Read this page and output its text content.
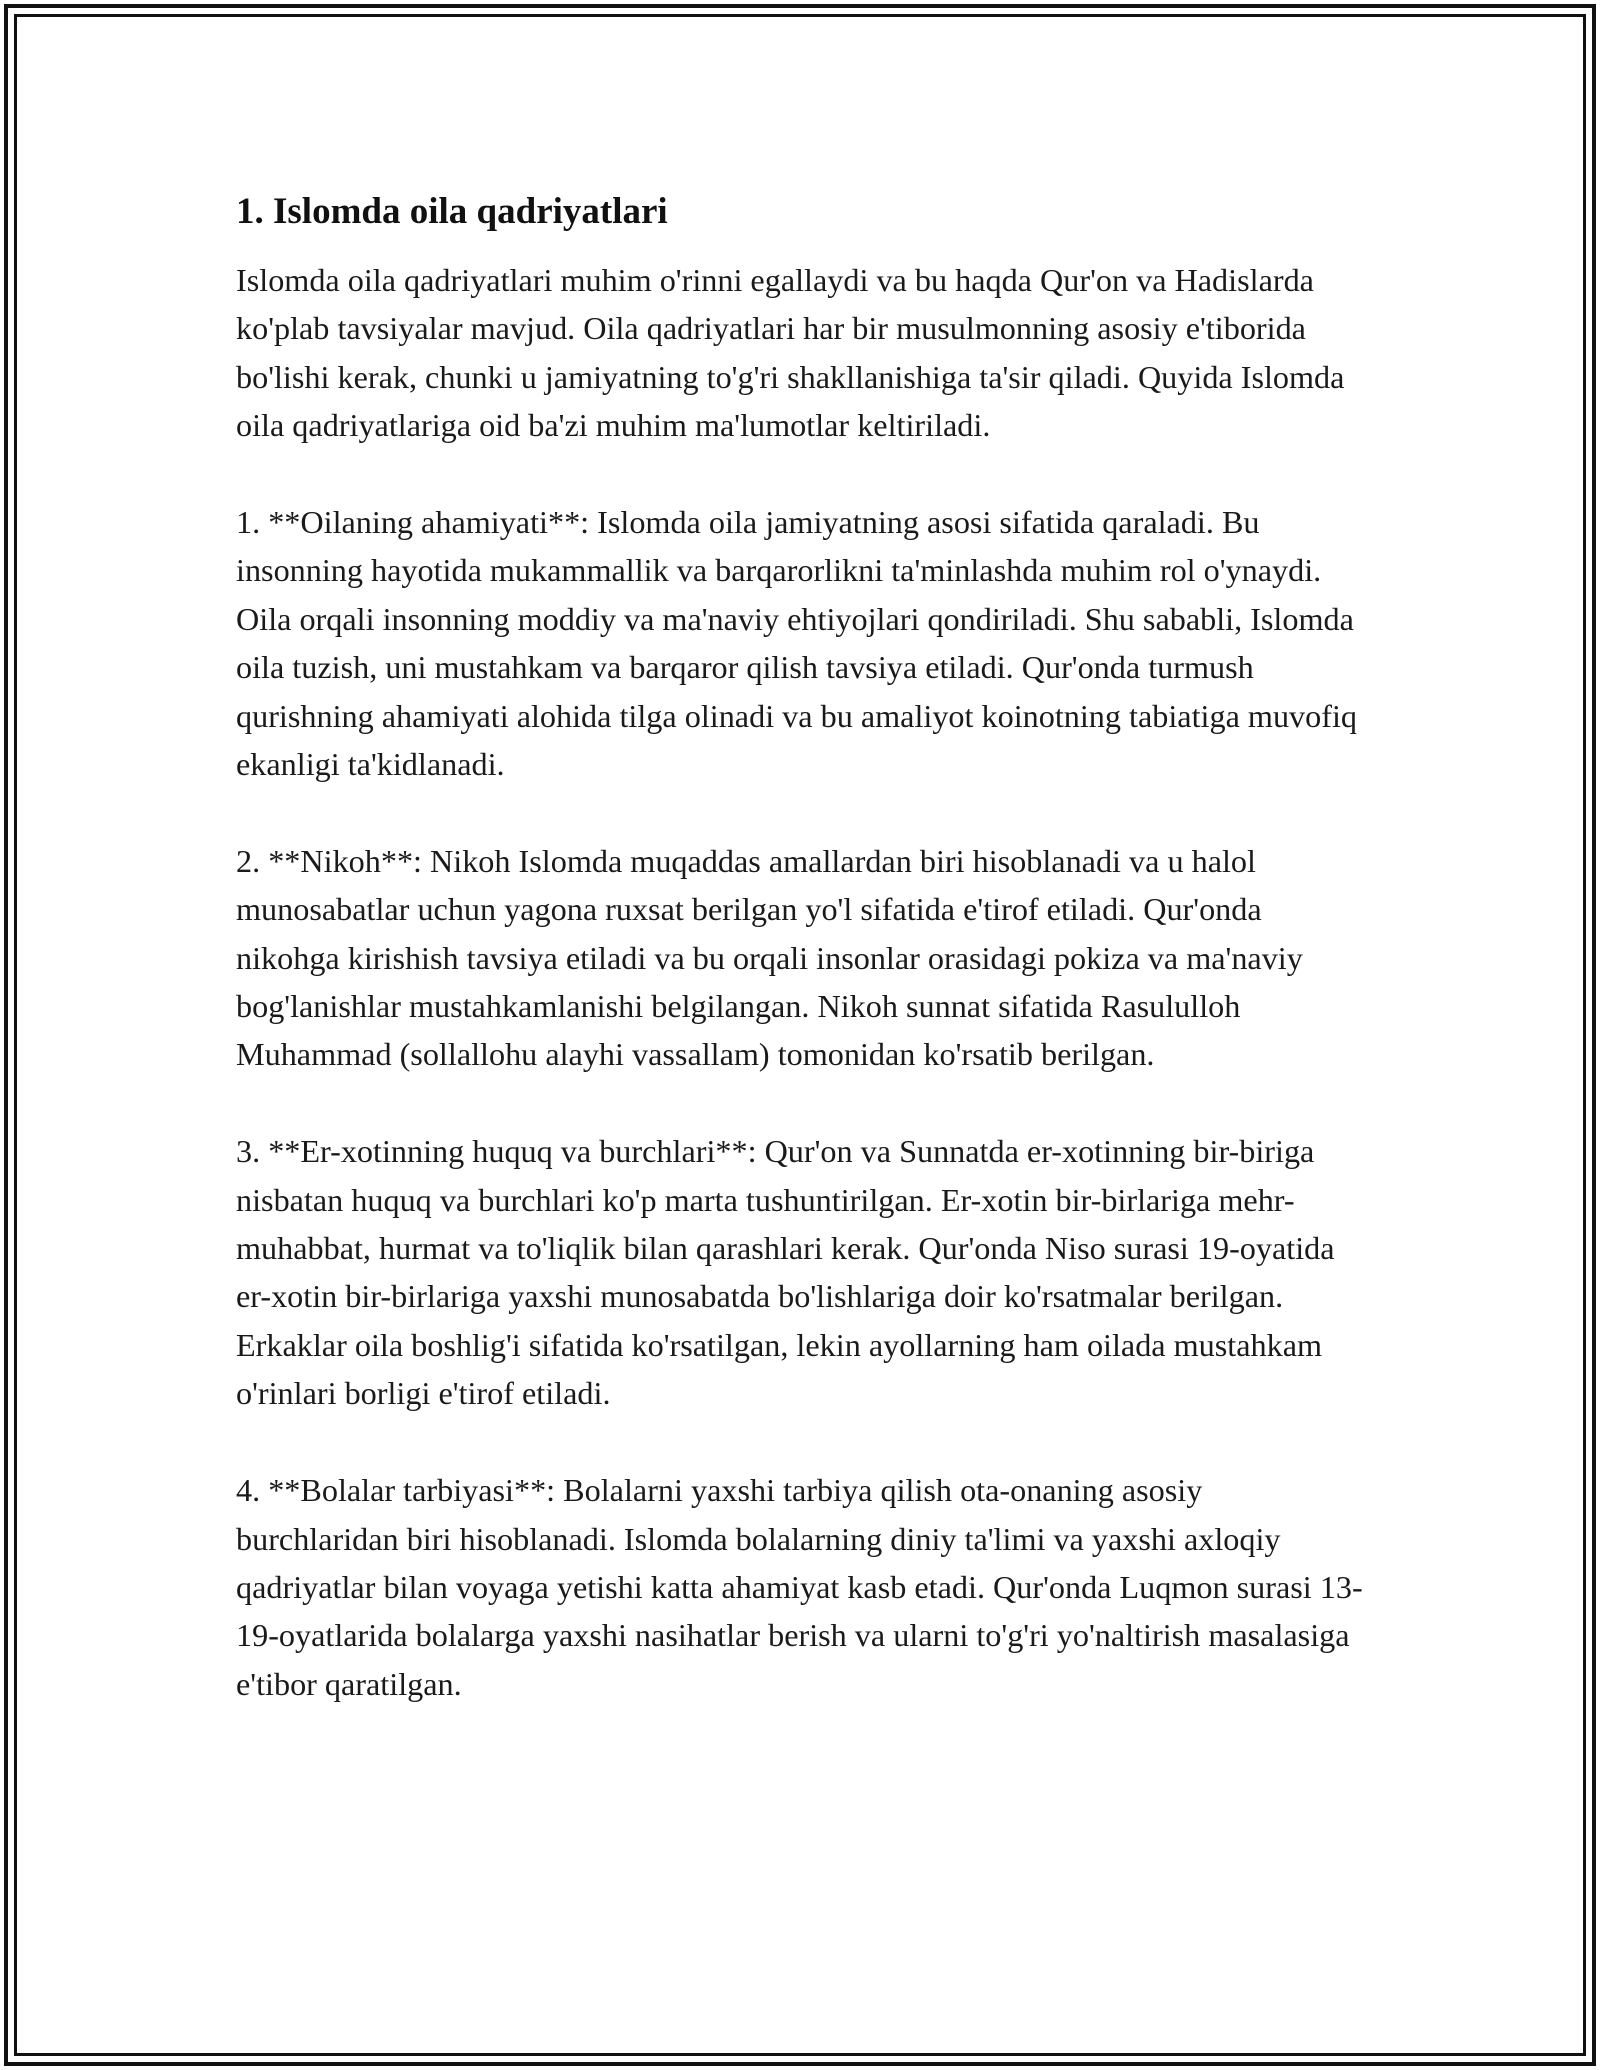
1. Islomda oila qadriyatlari

Islomda oila qadriyatlari muhim o'rinni egallaydi va bu haqda Qur'on va Hadislarda ko'plab tavsiyalar mavjud. Oila qadriyatlari har bir musulmonning asosiy e'tiborida bo'lishi kerak, chunki u jamiyatning to'g'ri shakllanishiga ta'sir qiladi. Quyida Islomda oila qadriyatlariga oid ba'zi muhim ma'lumotlar keltiriladi.

1. **Oilaning ahamiyati**: Islomda oila jamiyatning asosi sifatida qaraladi. Bu insonning hayotida mukammallik va barqarorlikni ta'minlashda muhim rol o'ynaydi. Oila orqali insonning moddiy va ma'naviy ehtiyojlari qondiriladi. Shu sababli, Islomda oila tuzish, uni mustahkam va barqaror qilish tavsiya etiladi. Qur'onda turmush qurishning ahamiyati alohida tilga olinadi va bu amaliyot koinotning tabiatiga muvofiq ekanligi ta'kidlanadi.

2. **Nikoh**: Nikoh Islomda muqaddas amallardan biri hisoblanadi va u halol munosabatlar uchun yagona ruxsat berilgan yo'l sifatida e'tirof etiladi. Qur'onda nikohga kirishish tavsiya etiladi va bu orqali insonlar orasidagi pokiza va ma'naviy bog'lanishlar mustahkamlanishi belgilangan. Nikoh sunnat sifatida Rasululloh Muhammad (sollallohu alayhi vassallam) tomonidan ko'rsatib berilgan.

3. **Er-xotinning huquq va burchlari**: Qur'on va Sunnatda er-xotinning bir-biriga nisbatan huquq va burchlari ko'p marta tushuntirilgan. Er-xotin bir-birlariga mehr-muhabbat, hurmat va to'liqlik bilan qarashlari kerak. Qur'onda Niso surasi 19-oyatida er-xotin bir-birlariga yaxshi munosabatda bo'lishlariga doir ko'rsatmalar berilgan. Erkaklar oila boshlig'i sifatida ko'rsatilgan, lekin ayollarning ham oilada mustahkam o'rinlari borligi e'tirof etiladi.

4. **Bolalar tarbiyasi**: Bolalarni yaxshi tarbiya qilish ota-onaning asosiy burchlaridan biri hisoblanadi. Islomda bolalarning diniy ta'limi va yaxshi axloqiy qadriyatlar bilan voyaga yetishi katta ahamiyat kasb etadi. Qur'onda Luqmon surasi 13-19-oyatlarida bolalarga yaxshi nasihatlar berish va ularni to'g'ri yo'naltirish masalasiga e'tibor qaratilgan.
